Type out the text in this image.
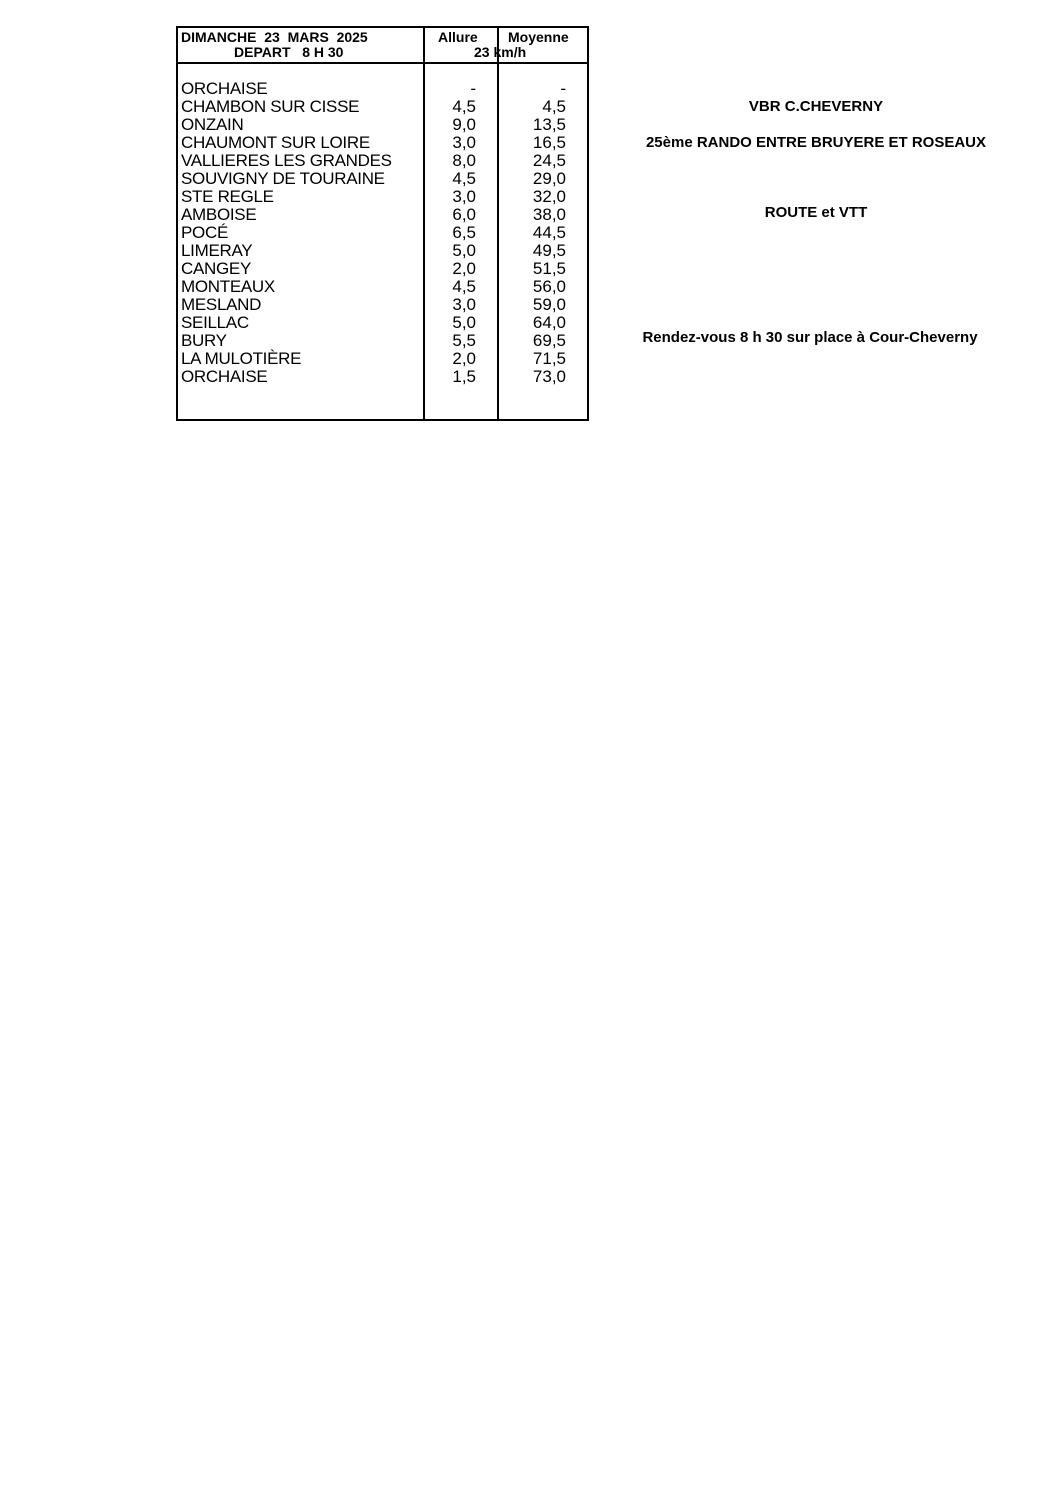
DIMANCHE  23  MARS  2025
DEPART   8 H 30
Allure Moyenne
23 km/h
ORCHAISE	-	-
CHAMBON SUR CISSE	4,5	4,5
ONZAIN	9,0	13,5
CHAUMONT SUR LOIRE	3,0	16,5
VALLIERES LES GRANDES	8,0	24,5
SOUVIGNY DE TOURAINE	4,5	29,0
STE REGLE	3,0	32,0
AMBOISE	6,0	38,0
POCÉ	6,5	44,5
LIMERAY	5,0	49,5
CANGEY	2,0	51,5
MONTEAUX	4,5	56,0
MESLAND	3,0	59,0
SEILLAC	5,0	64,0
BURY	5,5	69,5
LA MULOTIÈRE	2,0	71,5
ORCHAISE	1,5	73,0
VBR C.CHEVERNY
25ème RANDO ENTRE BRUYERE ET ROSEAUX
ROUTE et VTT
Rendez-vous 8 h 30 sur place à Cour-Cheverny
